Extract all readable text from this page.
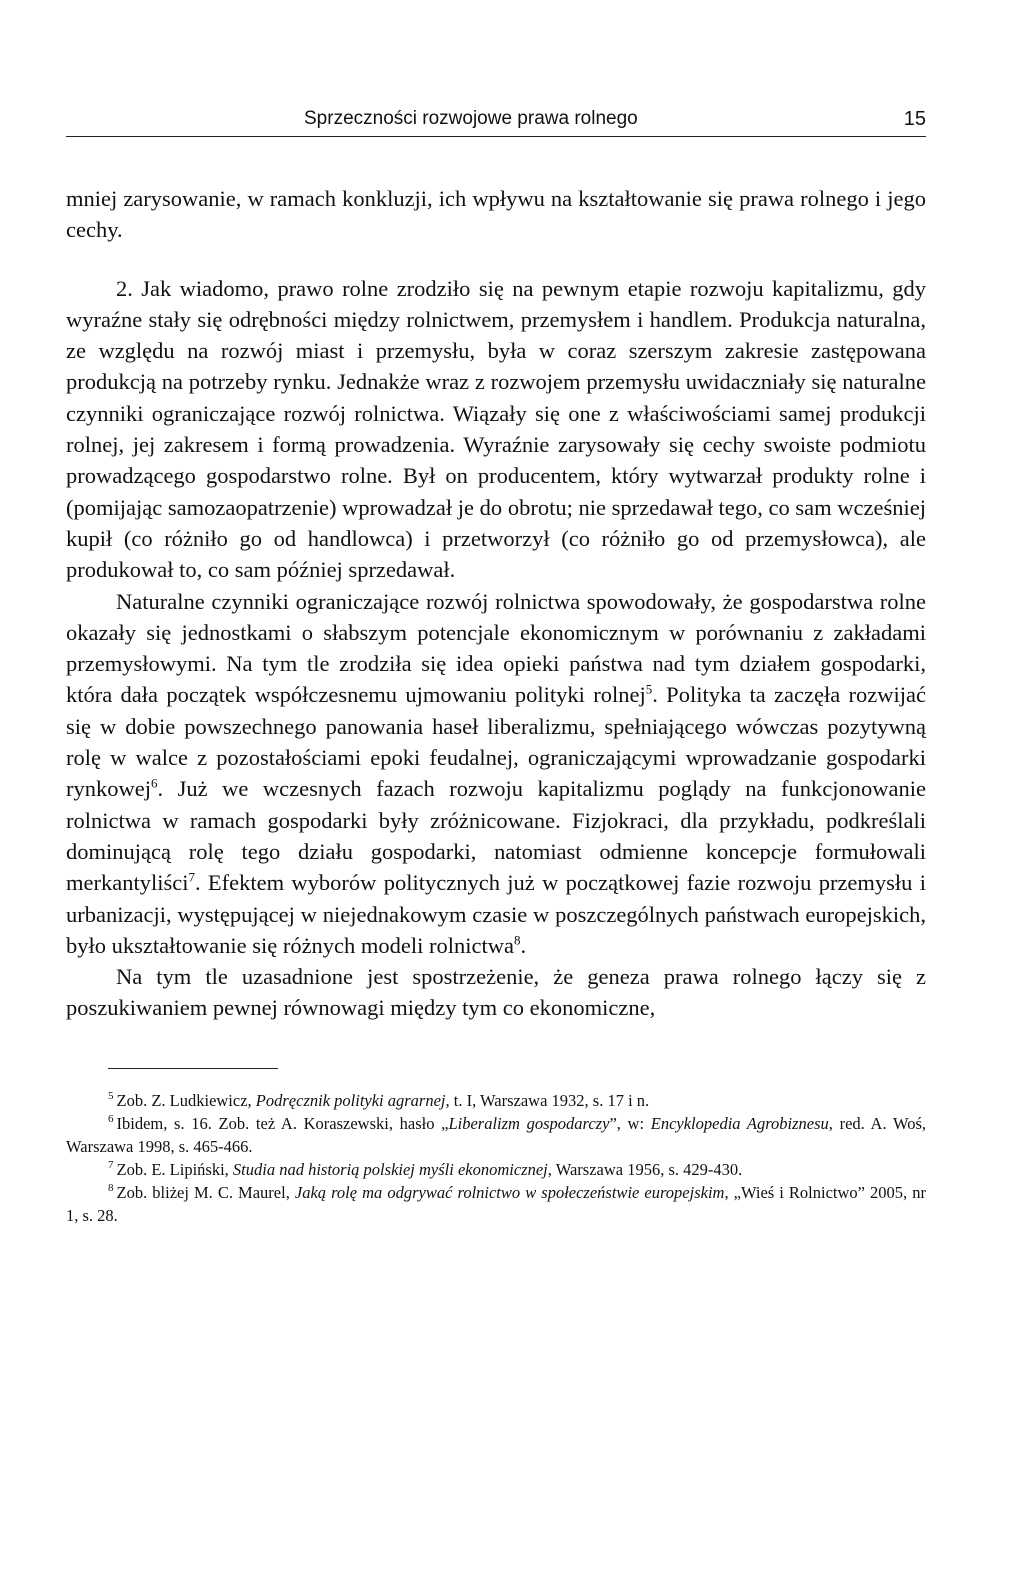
Sprzeczności rozwojowe prawa rolnego	15

mniej zarysowanie, w ramach konkluzji, ich wpływu na kształtowanie się prawa rolnego i jego cechy.

2. Jak wiadomo, prawo rolne zrodziło się na pewnym etapie rozwoju kapitalizmu, gdy wyraźne stały się odrębności między rolnictwem, przemysłem i handlem. Produkcja naturalna, ze względu na rozwój miast i przemysłu, była w coraz szerszym zakresie zastępowana produkcją na potrzeby rynku. Jednakże wraz z rozwojem przemysłu uwidaczniały się naturalne czynniki ograniczające rozwój rolnictwa. Wiązały się one z właściwościami samej produkcji rolnej, jej zakresem i formą prowadzenia. Wyraźnie zarysowały się cechy swoiste podmiotu prowadzącego gospodarstwo rolne. Był on producentem, który wytwarzał produkty rolne i (pomijając samozaopatrzenie) wprowadzał je do obrotu; nie sprzedawał tego, co sam wcześniej kupił (co różniło go od handlowca) i przetworzył (co różniło go od przemysłowca), ale produkował to, co sam później sprzedawał.

Naturalne czynniki ograniczające rozwój rolnictwa spowodowały, że gospodarstwa rolne okazały się jednostkami o słabszym potencjale ekonomicznym w porównaniu z zakładami przemysłowymi. Na tym tle zrodziła się idea opieki państwa nad tym działem gospodarki, która dała początek współczesnemu ujmowaniu polityki rolnej$^5$. Polityka ta zaczęła rozwijać się w dobie powszechnego panowania haseł liberalizmu, spełniającego wówczas pozytywną rolę w walce z pozostałościami epoki feudalnej, ograniczającymi wprowadzanie gospodarki rynkowej$^6$. Już we wczesnych fazach rozwoju kapitalizmu poglądy na funkcjonowanie rolnictwa w ramach gospodarki były zróżnicowane. Fizjokraci, dla przykładu, podkreślali dominującą rolę tego działu gospodarki, natomiast odmienne koncepcje formułowali merkantyliści$^7$. Efektem wyborów politycznych już w początkowej fazie rozwoju przemysłu i urbanizacji, występującej w niejednakowym czasie w poszczególnych państwach europejskich, było ukształtowanie się różnych modeli rolnictwa$^8$.

Na tym tle uzasadnione jest spostrzeżenie, że geneza prawa rolnego łączy się z poszukiwaniem pewnej równowagi między tym co ekonomiczne,

$^5$ Zob. Z. Ludkiewicz, Podręcznik polityki agrarnej, t. I, Warszawa 1932, s. 17 i n.

$^6$ Ibidem, s. 16. Zob. też A. Koraszewski, hasło „Liberalizm gospodarczy”, w: Encyklopedia Agrobiznesu, red. A. Woś, Warszawa 1998, s. 465-466.

$^7$ Zob. E. Lipiński, Studia nad historią polskiej myśli ekonomicznej, Warszawa 1956, s. 429-430.

$^8$ Zob. bliżej M. C. Maurel, Jaką rolę ma odgrywać rolnictwo w społeczeństwie europejskim, „Wieś i Rolnictwo” 2005, nr 1, s. 28.
